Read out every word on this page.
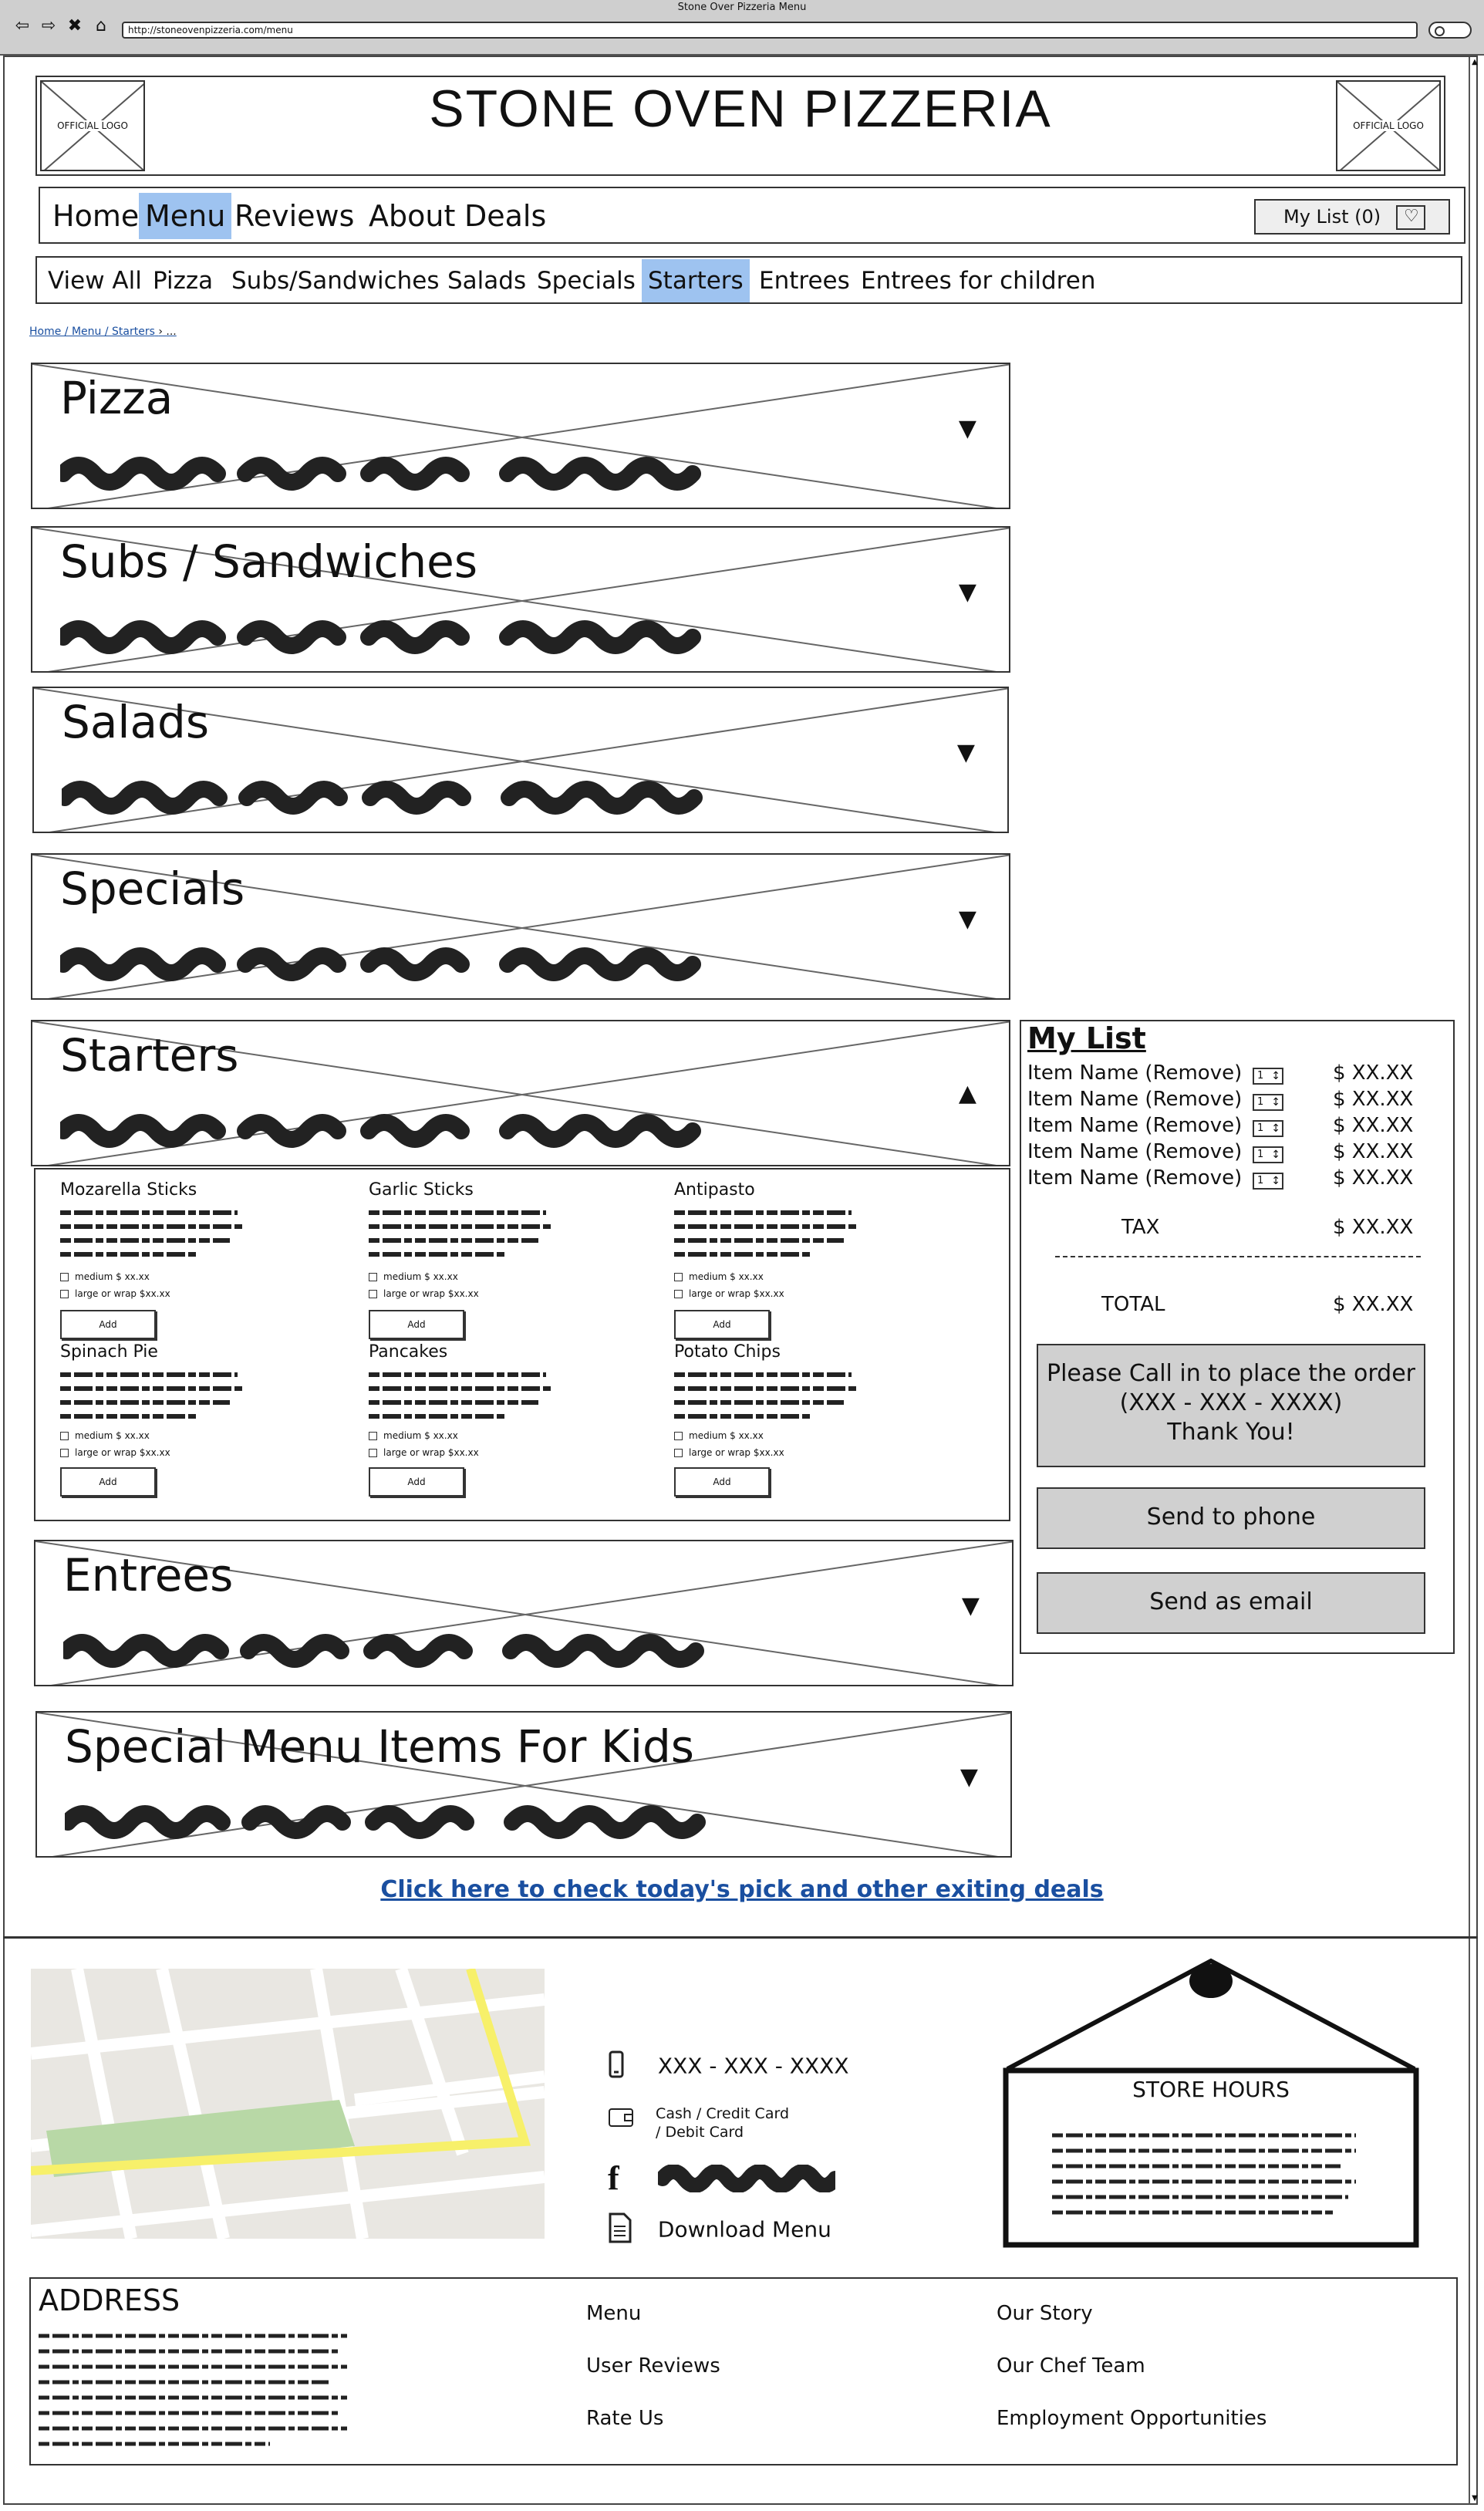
Stone Over Pizzeria Menu
⇦ ⇨ ✖ ⌂	http://stoneovenpizzeria.com/menu
▲
▼
OFFICIAL LOGO	STONE OVEN PIZZERIA	OFFICIAL LOGO
Home Menu Reviews About Deals	My List (0)
♡
View All Pizza Subs/Sandwiches Salads Specials Starters Entrees Entrees for children
Home / Menu / Starters › ...
Pizza
▼
Subs / Sandwiches
▼
Salads
▼
Specials
▼
Starters
▲
Mozarella Sticks
medium $ xx.xx
large or wrap $xx.xx
Add
Garlic Sticks
medium $ xx.xx
large or wrap $xx.xx
Add
Antipasto
medium $ xx.xx
large or wrap $xx.xx
Add
Spinach Pie
medium $ xx.xx
large or wrap $xx.xx
Add
Pancakes
medium $ xx.xx
large or wrap $xx.xx
Add
Potato Chips
medium $ xx.xx
large or wrap $xx.xx
Add
Entrees
▼
Special Menu Items For Kids
▼
My List
Item Name (Remove)	1 ↕	$ XX.XX
Item Name (Remove)	1 ↕	$ XX.XX
Item Name (Remove)	1 ↕	$ XX.XX
Item Name (Remove)	1 ↕	$ XX.XX
Item Name (Remove)	1 ↕	$ XX.XX
TAX	$ XX.XX
TOTAL	$ XX.XX
Please Call in to place the order
(XXX - XXX - XXXX)
Thank You!
Send to phone
Send as email
Click here to check today's pick and other exiting deals
XXX - XXX - XXXX

Cash / Credit Card
/ Debit Card
f
Download Menu
STORE HOURS
ADDRESS	Menu
User Reviews
Rate Us
Our Story
Our Chef Team
Employment Opportunities
